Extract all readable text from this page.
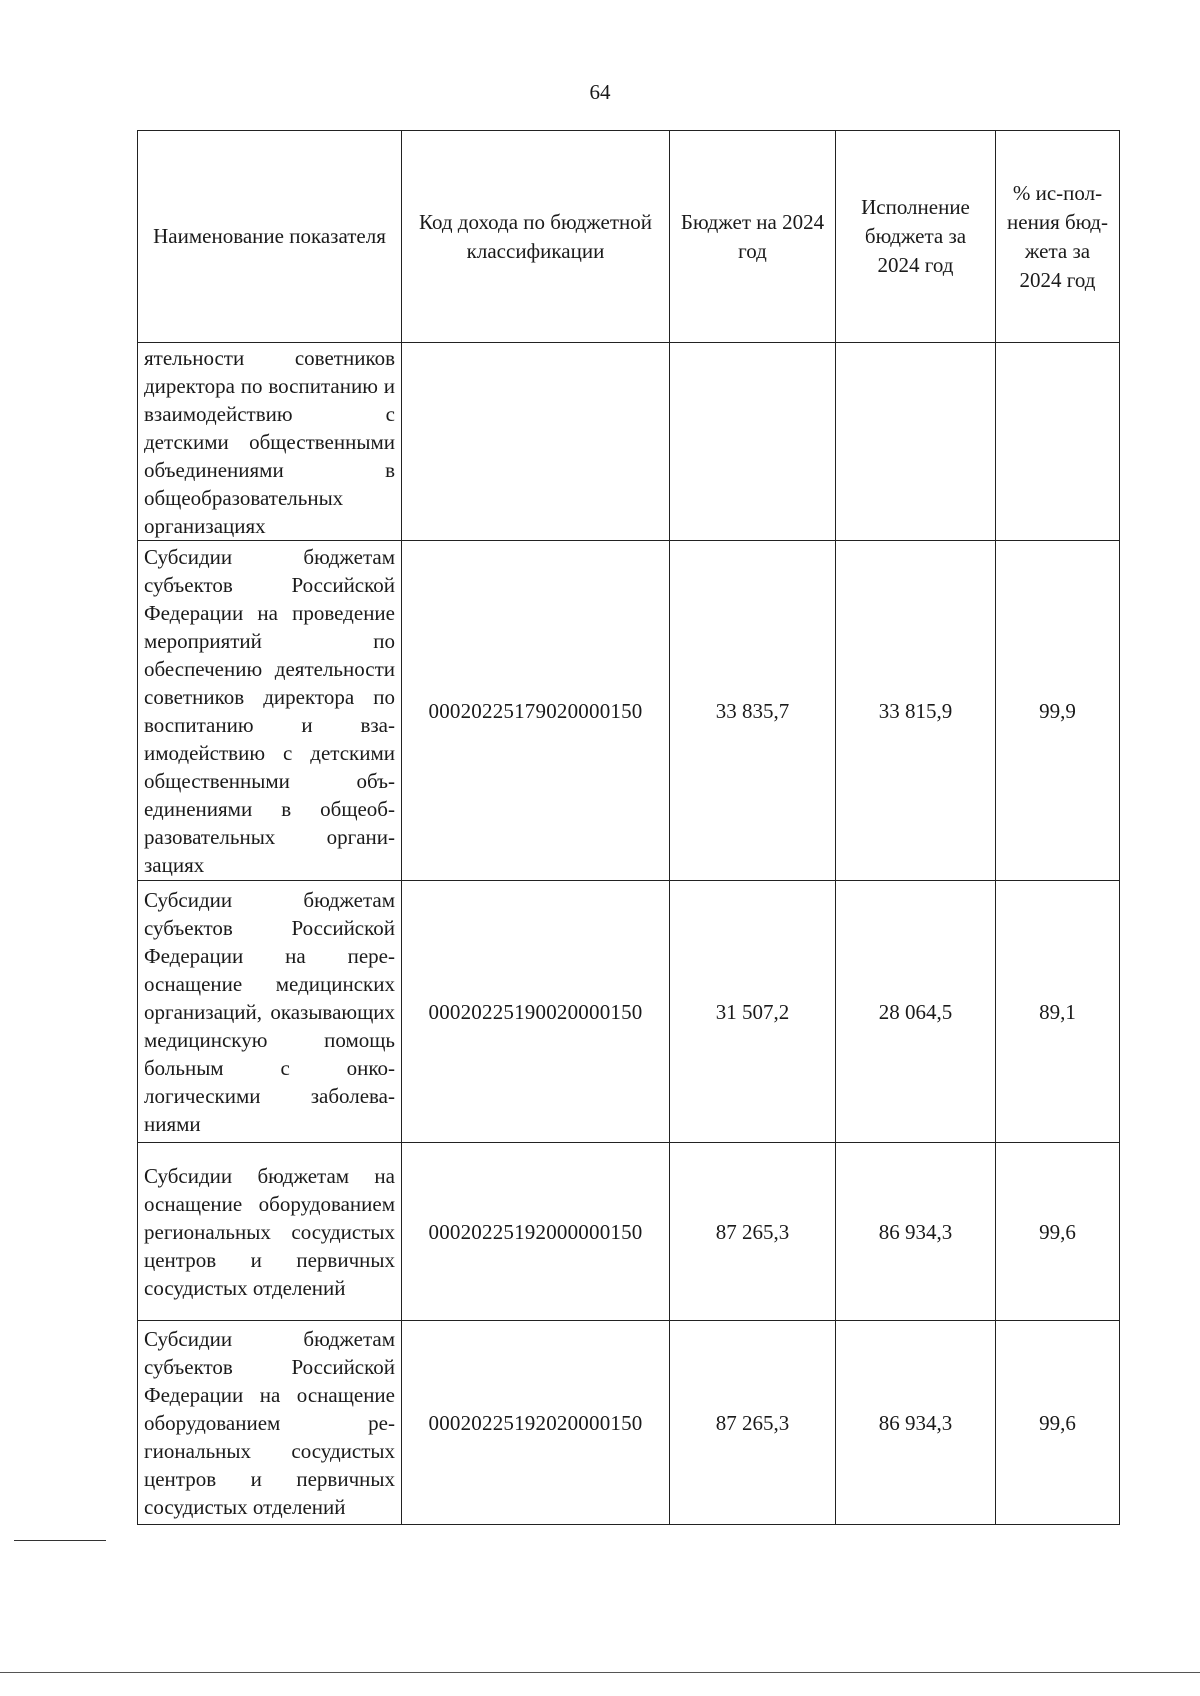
64
Наименование показателя	Код дохода по бюджетной классификации	Бюджет на 2024 год	Исполнение бюджета за 2024 год	% ис-пол-нения бюд-жета за 2024 год
ятельности советников директора по воспитанию и взаимодействию с детскими общественными объединениями в общеобразовательных организациях				
Субсидии бюджетам субъектов Российской Федерации на проведение мероприятий по обеспечению деятельности советников директора по воспитанию и взаимодействию с детскими общественными объединениями в общеобразовательных организациях	00020225179020000150	33 835,7	33 815,9	99,9
Субсидии бюджетам субъектов Российской Федерации на переоснащение медицинских организаций, оказывающих медицинскую помощь больным с онкологическими заболеваниями	00020225190020000150	31 507,2	28 064,5	89,1
Субсидии бюджетам на оснащение оборудованием региональных сосудистых центров и первичных сосудистых отделений	00020225192000000150	87 265,3	86 934,3	99,6
Субсидии бюджетам субъектов Российской Федерации на оснащение оборудованием региональных сосудистых центров и первичных сосудистых отделений	00020225192020000150	87 265,3	86 934,3	99,6
